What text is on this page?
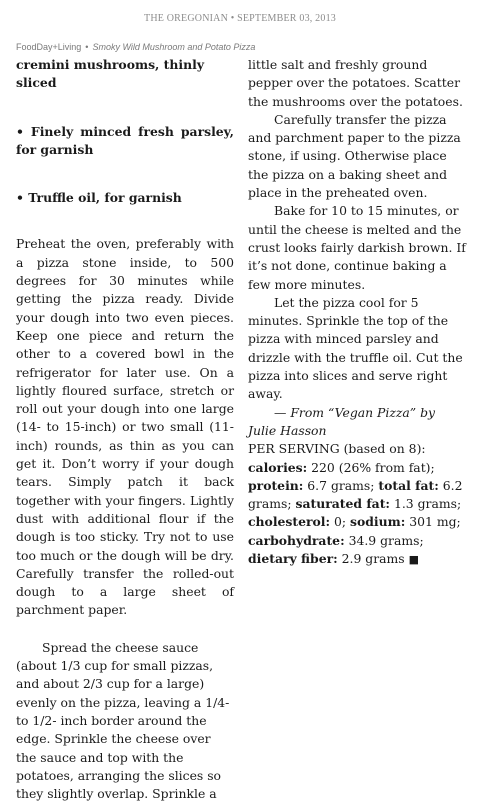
THE OREGONIAN • SEPTEMBER 03, 2013
FoodDay+Living • Smoky Wild Mushroom and Potato Pizza

cremini mushrooms, thinly sliced

• Finely minced fresh parsley, for garnish

• Truffle oil, for garnish

Preheat the oven, preferably with a pizza stone inside, to 500 degrees for 30 minutes while getting the pizza ready. Divide your dough into two even pieces. Keep one piece and return the other to a covered bowl in the refrigerator for later use. On a lightly floured surface, stretch or roll out your dough into one large (14- to 15-inch) or two small (11-inch) rounds, as thin as you can get it. Don’t worry if your dough tears. Simply patch it back together with your fingers. Lightly dust with additional flour if the dough is too sticky. Try not to use too much or the dough will be dry. Carefully transfer the rolled-out dough to a large sheet of parchment paper.

Spread the cheese sauce (about 1/3 cup for small pizzas, and about 2/3 cup for a large) evenly on the pizza, leaving a 1/4- to 1/2- inch border around the edge. Sprinkle the cheese over the sauce and top with the potatoes, arranging the slices so they slightly overlap. Sprinkle a

little salt and freshly ground pepper over the potatoes. Scatter the mushrooms over the potatoes.

Carefully transfer the pizza and parchment paper to the pizza stone, if using. Otherwise place the pizza on a baking sheet and place in the preheated oven.

Bake for 10 to 15 minutes, or until the cheese is melted and the crust looks fairly darkish brown. If it’s not done, continue baking a few more minutes.

Let the pizza cool for 5 minutes. Sprinkle the top of the pizza with minced parsley and drizzle with the truffle oil. Cut the pizza into slices and serve right away.

— From “Vegan Pizza” by Julie Hasson

PER SERVING (based on 8): calories: 220 (26% from fat); protein: 6.7 grams; total fat: 6.2 grams; saturated fat: 1.3 grams; cholesterol: 0; sodium: 301 mg; carbohydrate: 34.9 grams; dietary fiber: 2.9 grams ■
